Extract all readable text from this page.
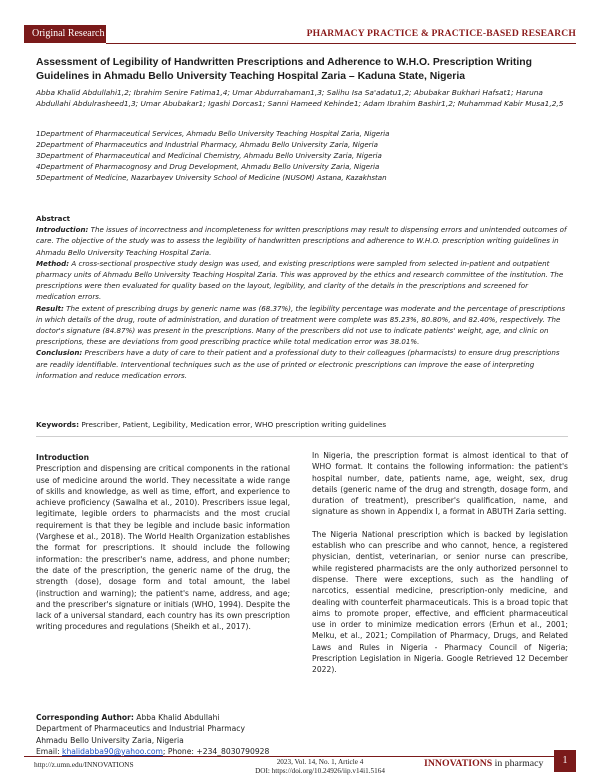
Original Research	PHARMACY PRACTICE & PRACTICE-BASED RESEARCH
Assessment of Legibility of Handwritten Prescriptions and Adherence to W.H.O. Prescription Writing Guidelines in Ahmadu Bello University Teaching Hospital Zaria – Kaduna State, Nigeria
Abba Khalid Abdullahi1,2; Ibrahim Senire Fatima1,4; Umar Abdurrahaman1,3; Salihu Isa Sa'adatu1,2; Abubakar Bukhari Hafsat1; Haruna Abdullahi Abdulrasheed1,3; Umar Abubakar1; Igashi Dorcas1; Sanni Hameed Kehinde1; Adam Ibrahim Bashir1,2; Muhammad Kabir Musa1,2,5
1Department of Pharmaceutical Services, Ahmadu Bello University Teaching Hospital Zaria, Nigeria
2Department of Pharmaceutics and Industrial Pharmacy, Ahmadu Bello University Zaria, Nigeria
3Department of Pharmaceutical and Medicinal Chemistry, Ahmadu Bello University Zaria, Nigeria
4Department of Pharmacognosy and Drug Development, Ahmadu Bello University Zaria, Nigeria
5Department of Medicine, Nazarbayev University School of Medicine (NUSOM) Astana, Kazakhstan
Abstract

Introduction: The issues of incorrectness and incompleteness for written prescriptions may result to dispensing errors and unintended outcomes of care. The objective of the study was to assess the legibility of handwritten prescriptions and adherence to W.H.O. prescription writing guidelines in Ahmadu Bello University Teaching Hospital Zaria.

Method: A cross-sectional prospective study design was used, and existing prescriptions were sampled from selected in-patient and outpatient pharmacy units of Ahmadu Bello University Teaching Hospital Zaria. This was approved by the ethics and research committee of the institution. The prescriptions were then evaluated for quality based on the layout, legibility, and clarity of the details in the prescriptions and screened for medication errors.

Result: The extent of prescribing drugs by generic name was (68.37%), the legibility percentage was moderate and the percentage of prescriptions in which details of the drug, route of administration, and duration of treatment were complete was 85.23%, 80.80%, and 82.40%, respectively. The doctor's signature (84.87%) was present in the prescriptions. Many of the prescribers did not use to indicate patients' weight, age, and clinic on prescriptions, these are deviations from good prescribing practice while total medication error was 38.01%.

Conclusion: Prescribers have a duty of care to their patient and a professional duty to their colleagues (pharmacists) to ensure drug prescriptions are readily identifiable. Interventional techniques such as the use of printed or electronic prescriptions can improve the ease of interpreting information and reduce medication errors.

Keywords: Prescriber, Patient, Legibility, Medication error, WHO prescription writing guidelines
Introduction
Prescription and dispensing are critical components in the rational use of medicine around the world. They necessitate a wide range of skills and knowledge, as well as time, effort, and experience to achieve proficiency (Sawalha et al., 2010). Prescribers issue legal, legitimate, legible orders to pharmacists and the most crucial requirement is that they be legible and include basic information (Varghese et al., 2018). The World Health Organization establishes the format for prescriptions. It should include the following information: the prescriber's name, address, and phone number; the date of the prescription, the generic name of the drug, the strength (dose), dosage form and total amount, the label (instruction and warning); the patient's name, address, and age; and the prescriber's signature or initials (WHO, 1994). Despite the lack of a universal standard, each country has its own prescription writing procedures and regulations (Sheikh et al., 2017).
Corresponding Author: Abba Khalid Abdullahi
Department of Pharmaceutics and Industrial Pharmacy
Ahmadu Bello University Zaria, Nigeria
Email: khalidabba90@yahoo.com; Phone: +234_8030790928
In Nigeria, the prescription format is almost identical to that of WHO format. It contains the following information: the patient's hospital number, date, patients name, age, weight, sex, drug details (generic name of the drug and strength, dosage form, and duration of treatment), prescriber's qualification, name, and signature as shown in Appendix I, a format in ABUTH Zaria setting.
The Nigeria National prescription which is backed by legislation establish who can prescribe and who cannot, hence, a registered physician, dentist, veterinarian, or senior nurse can prescribe, while registered pharmacists are the only authorized personnel to dispense. There were exceptions, such as the handling of narcotics, essential medicine, prescription-only medicine, and dealing with counterfeit pharmaceuticals. This is a broad topic that aims to promote proper, effective, and efficient pharmaceutical use in order to minimize medication errors (Erhun et al., 2001; Melku, et al., 2021; Compilation of Pharmacy, Drugs, and Related Laws and Rules in Nigeria - Pharmacy Council of Nigeria; Prescription Legislation in Nigeria. Google Retrieved 12 December 2022).
http://z.umn.edu/INNOVATIONS	2023, Vol. 14, No. 1, Article 4
DOI: https://doi.org/10.24926/iip.v14i1.5164
INNOVATIONS in pharmacy	1
